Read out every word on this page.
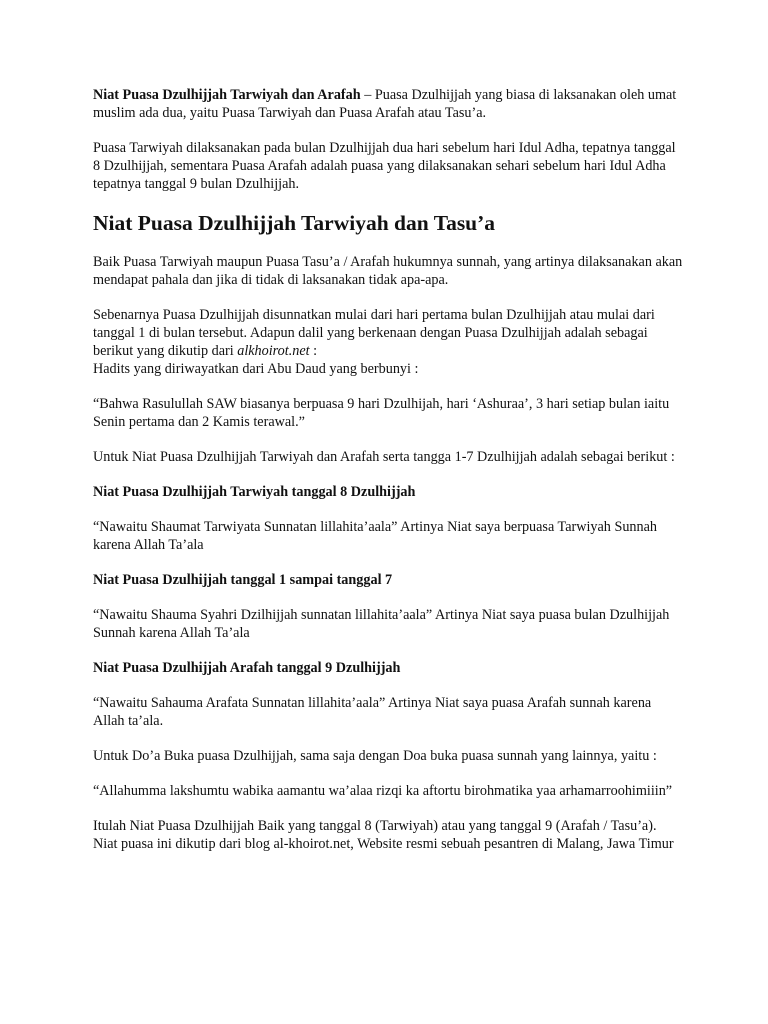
Niat Puasa Dzulhijjah Tarwiyah dan Arafah – Puasa Dzulhijjah yang biasa di laksanakan oleh umat muslim ada dua, yaitu Puasa Tarwiyah dan Puasa Arafah atau Tasu’a.

Puasa Tarwiyah dilaksanakan pada bulan Dzulhijjah dua hari sebelum hari Idul Adha, tepatnya tanggal 8 Dzulhijjah, sementara Puasa Arafah adalah puasa yang dilaksanakan sehari sebelum hari Idul Adha tepatnya tanggal 9 bulan Dzulhijjah.

Niat Puasa Dzulhijjah Tarwiyah dan Tasu’a

Baik Puasa Tarwiyah maupun Puasa Tasu’a / Arafah hukumnya sunnah, yang artinya dilaksanakan akan mendapat pahala dan jika di tidak di laksanakan tidak apa-apa.

Sebenarnya Puasa Dzulhijjah disunnatkan mulai dari hari pertama bulan Dzulhijjah atau mulai dari tanggal 1 di bulan tersebut. Adapun dalil yang berkenaan dengan Puasa Dzulhijjah adalah sebagai berikut yang dikutip dari alkhoirot.net :
Hadits yang diriwayatkan dari Abu Daud yang berbunyi :

“Bahwa Rasulullah SAW biasanya berpuasa 9 hari Dzulhijah, hari ‘Ashuraa’, 3 hari setiap bulan iaitu Senin pertama dan 2 Kamis terawal.”

Untuk Niat Puasa Dzulhijjah Tarwiyah dan Arafah serta tangga 1-7 Dzulhijjah adalah sebagai berikut :

Niat Puasa Dzulhijjah Tarwiyah tanggal 8 Dzulhijjah

“Nawaitu Shaumat Tarwiyata Sunnatan lillahita’aala” Artinya Niat saya berpuasa Tarwiyah Sunnah karena Allah Ta’ala

Niat Puasa Dzulhijjah tanggal 1 sampai tanggal 7

“Nawaitu Shauma Syahri Dzilhijjah sunnatan lillahita’aala” Artinya Niat saya puasa bulan Dzulhijjah Sunnah karena Allah Ta’ala

Niat Puasa Dzulhijjah Arafah tanggal 9 Dzulhijjah

“Nawaitu Sahauma Arafata Sunnatan lillahita’aala” Artinya Niat saya puasa Arafah sunnah karena Allah ta’ala.

Untuk Do’a Buka puasa Dzulhijjah, sama saja dengan Doa buka puasa sunnah yang lainnya, yaitu :

“Allahumma lakshumtu wabika aamantu wa’alaa rizqi ka aftortu birohmatika yaa arhamarroohimiiin”

Itulah Niat Puasa Dzulhijjah Baik yang tanggal 8 (Tarwiyah) atau yang tanggal 9 (Arafah / Tasu’a). Niat puasa ini dikutip dari blog al-khoirot.net, Website resmi sebuah pesantren di Malang, Jawa Timur
